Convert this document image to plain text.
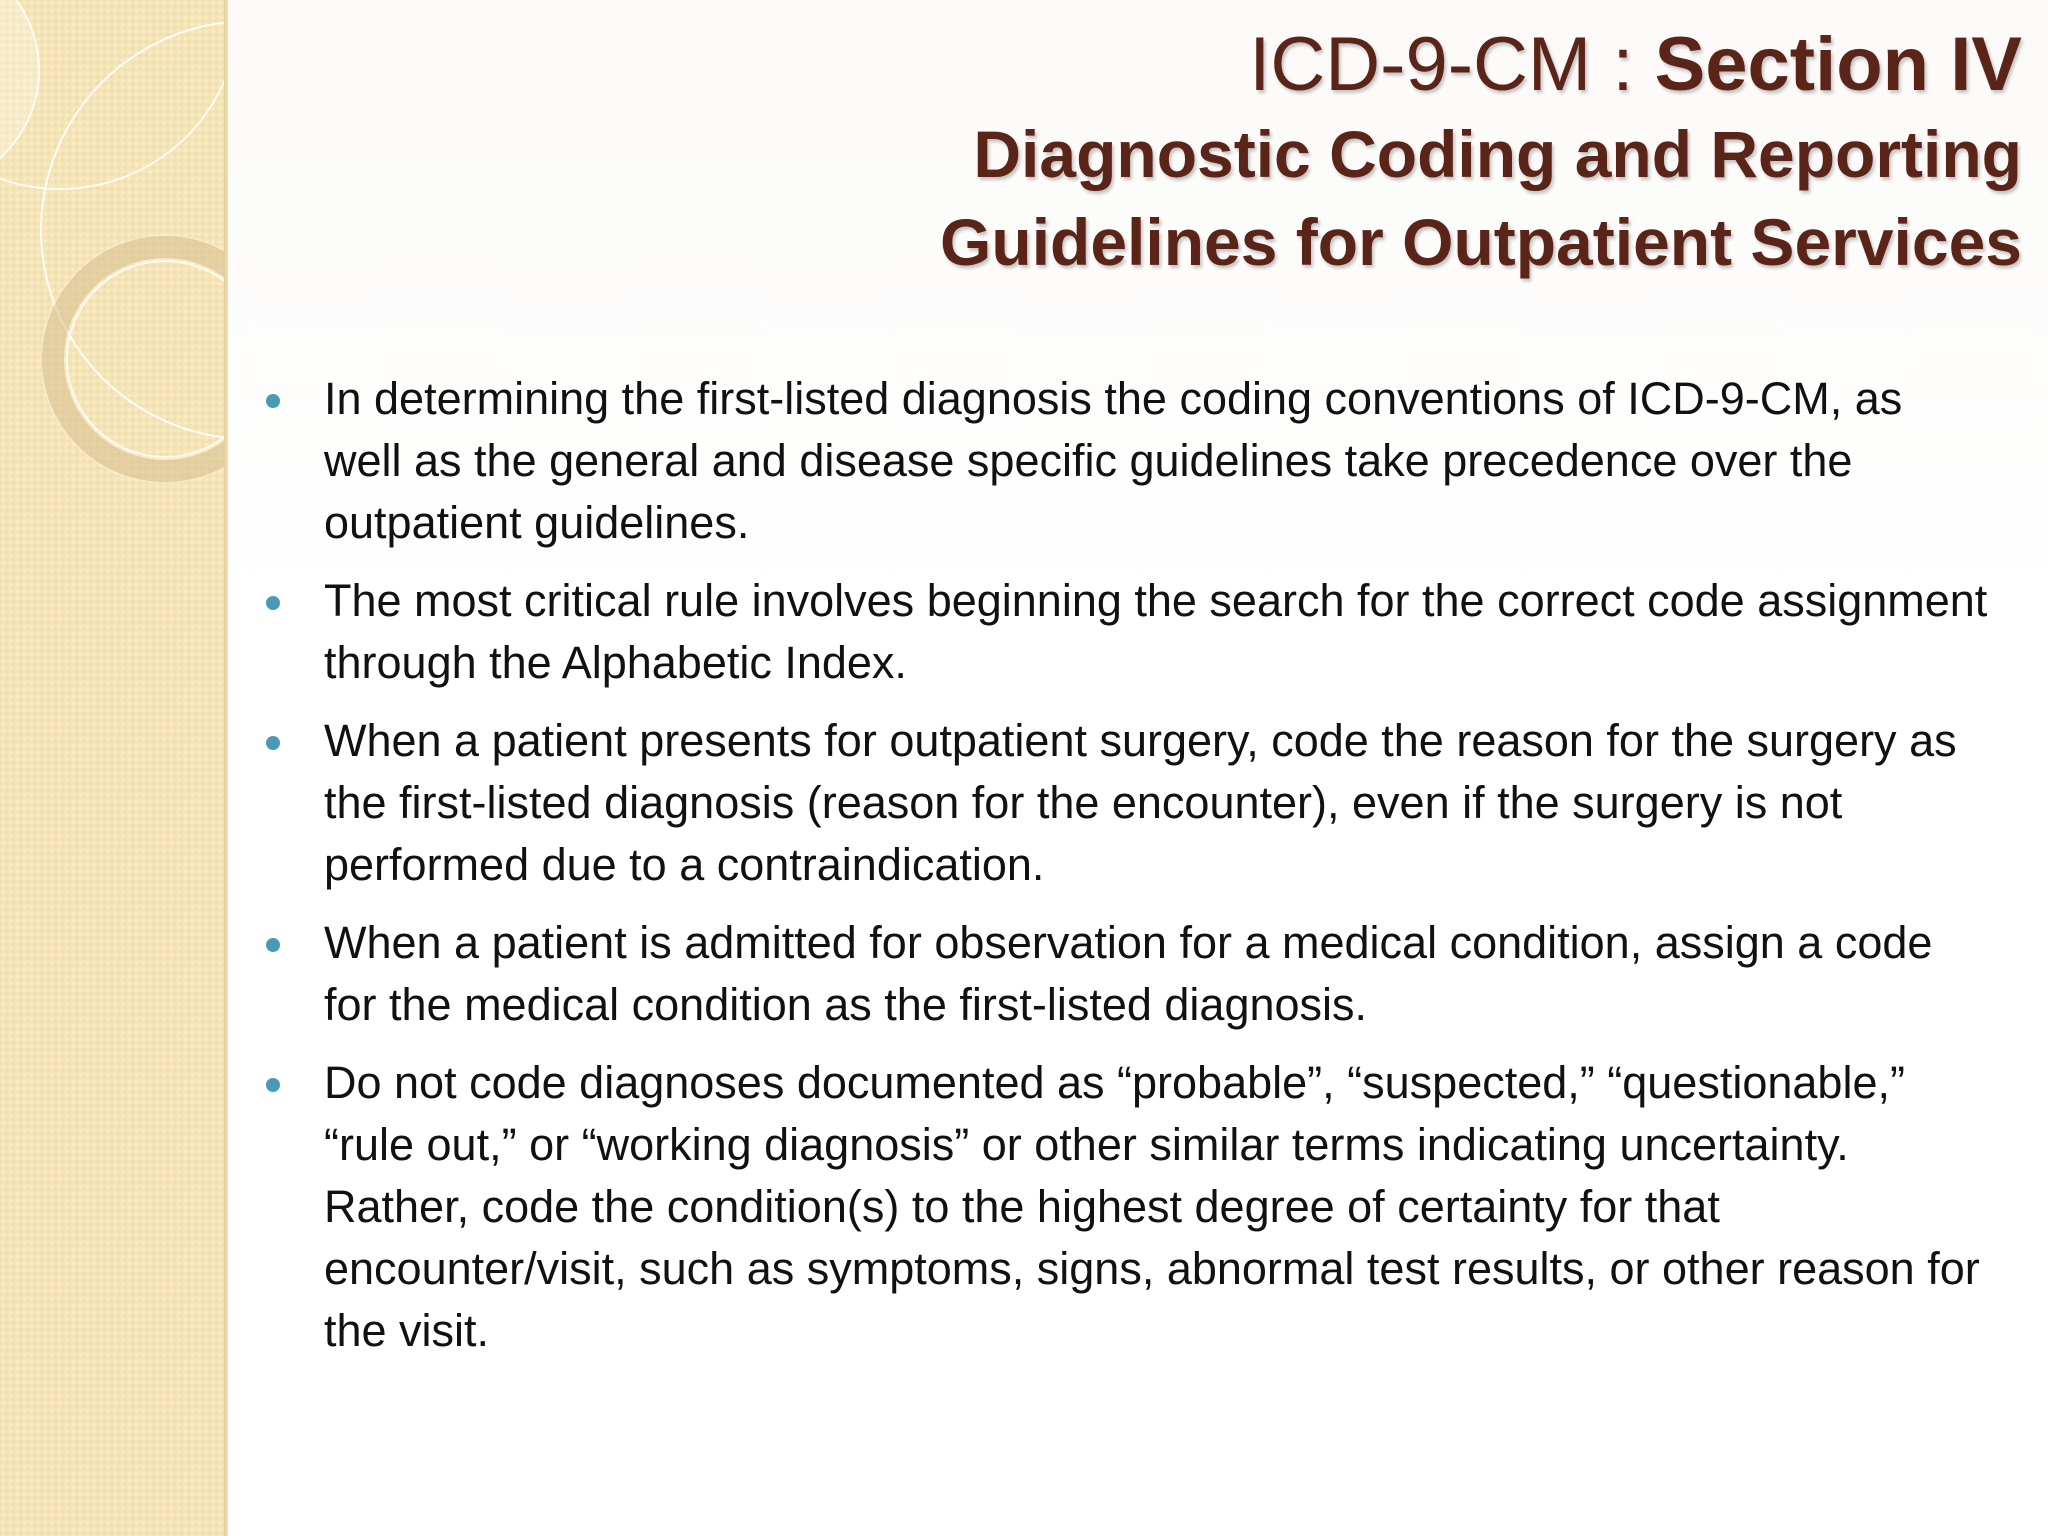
ICD-9-CM : Section IV
Diagnostic Coding and Reporting
Guidelines for Outpatient Services
In determining the first-listed diagnosis the coding conventions of ICD-9-CM, as well as the general and disease specific guidelines take precedence over the outpatient guidelines.
The most critical rule involves beginning the search for the correct code assignment through the Alphabetic Index.
When a patient presents for outpatient surgery, code the reason for the surgery as the first-listed diagnosis (reason for the encounter), even if the surgery is not performed due to a contraindication.
When a patient is admitted for observation for a medical condition, assign a code for the medical condition as the first-listed diagnosis.
Do not code diagnoses documented as “probable”, “suspected,” “questionable,” “rule out,” or “working diagnosis” or other similar terms indicating uncertainty. Rather, code the condition(s) to the highest degree of certainty for that encounter/visit, such as symptoms, signs, abnormal test results, or other reason for the visit.
